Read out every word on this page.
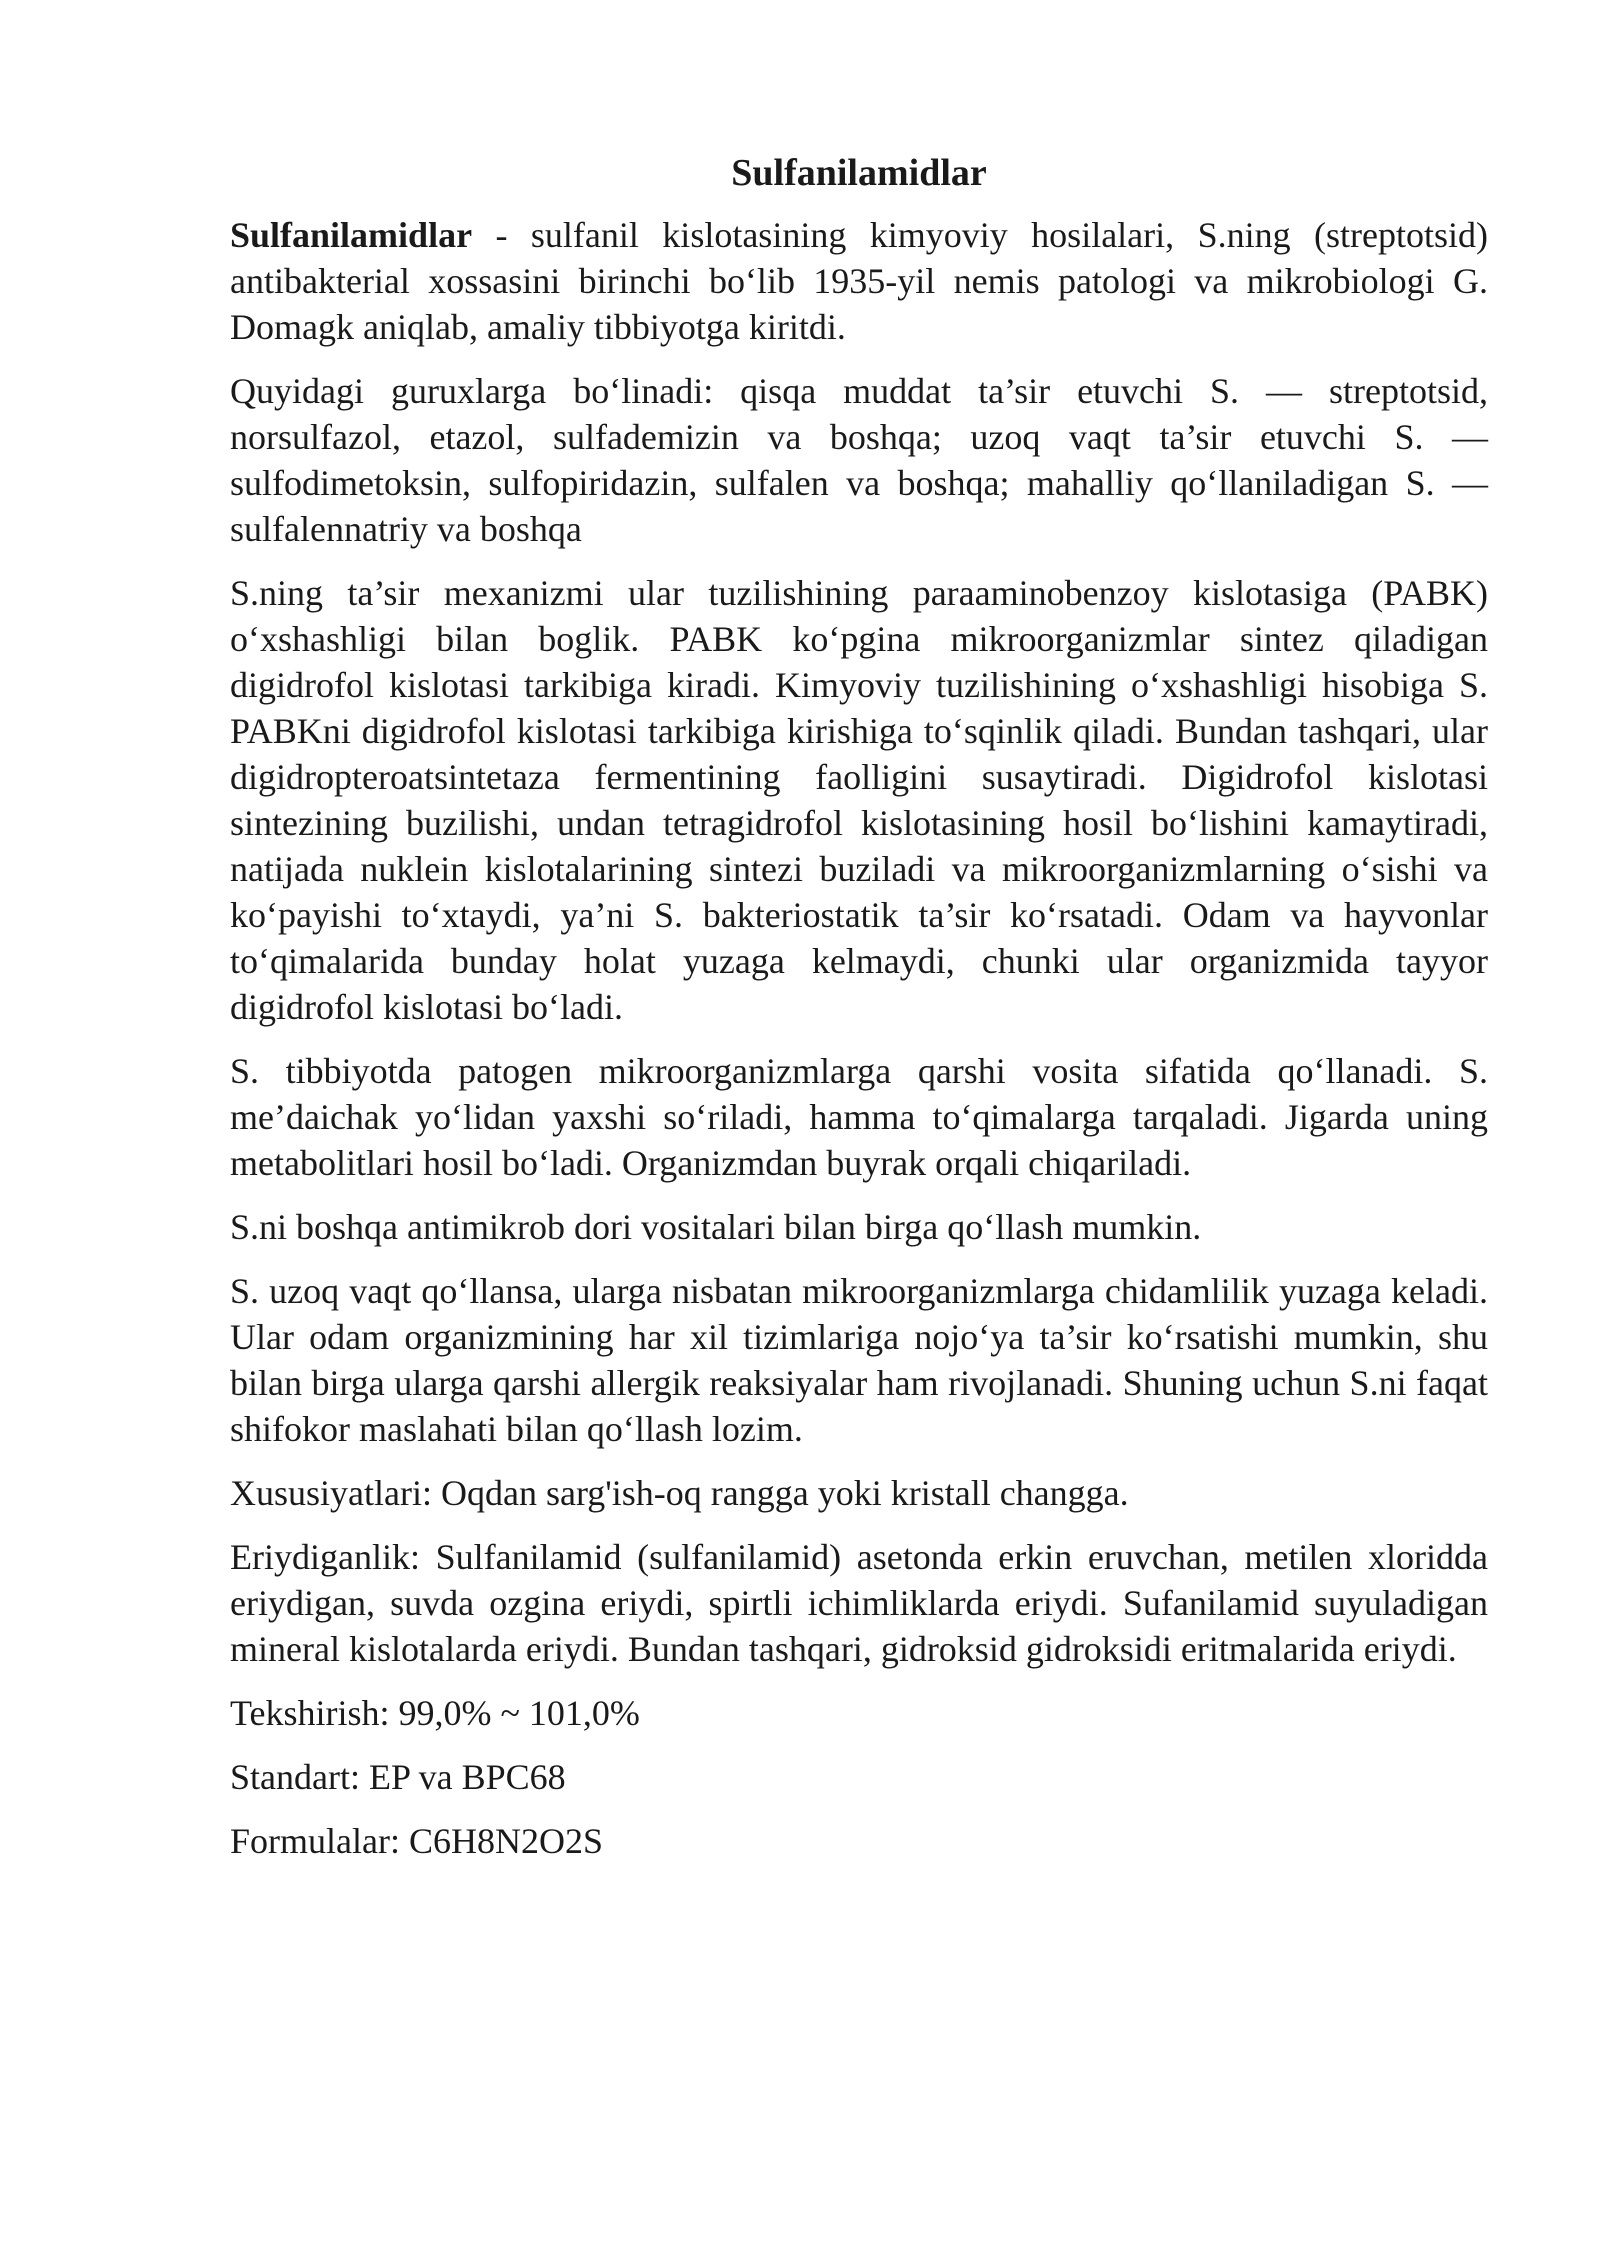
Sulfanilamidlar

Sulfanilamidlar - sulfanil kislotasining kimyoviy hosilalari, S.ning (streptotsid) antibakterial xossasini birinchi bo‘lib 1935-yil nemis patologi va mikrobiologi G. Domagk aniqlab, amaliy tibbiyotga kiritdi.

Quyidagi guruxlarga bo‘linadi: qisqa muddat ta’sir etuvchi S. — streptotsid, norsulfazol, etazol, sulfademizin va boshqa; uzoq vaqt ta’sir etuvchi S. — sulfodimetoksin, sulfopiridazin, sulfalen va boshqa; mahalliy qo‘llaniladigan S. — sulfalennatriy va boshqa

S.ning ta’sir mexanizmi ular tuzilishining paraaminobenzoy kislotasiga (PABK) o‘xshashligi bilan boglik. PABK ko‘pgina mikroorganizmlar sintez qiladigan digidrofol kislotasi tarkibiga kiradi. Kimyoviy tuzilishining o‘xshashligi hisobiga S. PABKni digidrofol kislotasi tarkibiga kirishiga to‘sqinlik qiladi. Bundan tashqari, ular digidropteroatsintetaza fermentining faolligini susaytiradi. Digidrofol kislotasi sintezining buzilishi, undan tetragidrofol kislotasining hosil bo‘lishini kamaytiradi, natijada nuklein kislotalarining sintezi buziladi va mikroorganizmlarning o‘sishi va ko‘payishi to‘xtaydi, ya’ni S. bakteriostatik ta’sir ko‘rsatadi. Odam va hayvonlar to‘qimalarida bunday holat yuzaga kelmaydi, chunki ular organizmida tayyor digidrofol kislotasi bo‘ladi.

S. tibbiyotda patogen mikroorganizmlarga qarshi vosita sifatida qo‘llanadi. S. me’daichak yo‘lidan yaxshi so‘riladi, hamma to‘qimalarga tarqaladi. Jigarda uning metabolitlari hosil bo‘ladi. Organizmdan buyrak orqali chiqariladi.

S.ni boshqa antimikrob dori vositalari bilan birga qo‘llash mumkin.

S. uzoq vaqt qo‘llansa, ularga nisbatan mikroorganizmlarga chidamlilik yuzaga keladi. Ular odam organizmining har xil tizimlariga nojo‘ya ta’sir ko‘rsatishi mumkin, shu bilan birga ularga qarshi allergik reaksiyalar ham rivojlanadi. Shuning uchun S.ni faqat shifokor maslahati bilan qo‘llash lozim.

Xususiyatlari: Oqdan sarg'ish-oq rangga yoki kristall changga.

Eriydiganlik: Sulfanilamid (sulfanilamid) asetonda erkin eruvchan, metilen xloridda eriydigan, suvda ozgina eriydi, spirtli ichimliklarda eriydi. Sufanilamid suyuladigan mineral kislotalarda eriydi. Bundan tashqari, gidroksid gidroksidi eritmalarida eriydi.

Tekshirish: 99,0% ~ 101,0%

Standart: EP va BPC68

Formulalar: C6H8N2O2S
